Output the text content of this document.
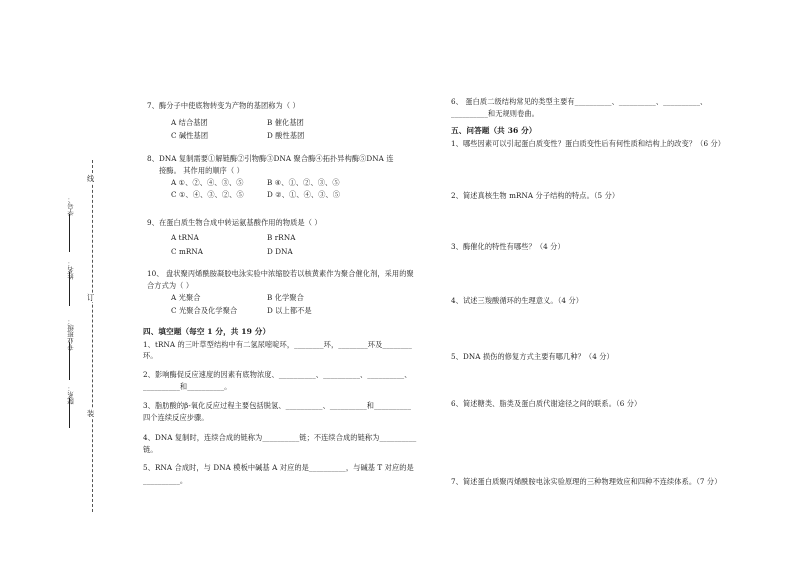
线
订
装
学号：
姓名：
专业班级：
院系：
7、酶分子中使底物转变为产物的基团称为（ ）
A 结合基团	B 催化基团
C 碱性基团	D 酸性基团
8、DNA 复制需要①解链酶②引物酶③DNA 聚合酶④拓扑异构酶⑤DNA 连
接酶。 其作用的顺序（ ）
A ①、②、④、③、⑤	B ④、①、②、③、⑤
C ①、④、③、②、⑤	D ②、①、④、③、⑤
9、在蛋白质生物合成中转运氨基酸作用的物质是（ ）
A tRNA	B rRNA
C mRNA	D DNA
10、 盘状聚丙烯酰胺凝胶电泳实验中浓缩胶若以核黄素作为聚合催化剂，采用的聚
合方式为（ ）
A 光聚合	B 化学聚合
C 光聚合及化学聚合	D 以上都不是
四、填空题（每空 1 分，共 19 分）
1、tRNA 的三叶草型结构中有二氢尿嘧啶环，________环，________环及________
环。
2、影响酶促反应速度的因素有底物浓度、__________、__________、__________、
__________和__________。
3、脂肪酸的β-氧化反应过程主要包括脱氢、__________、__________和__________
四个连续反应步骤。
4、DNA 复制时，连续合成的链称为__________链；不连续合成的链称为__________
链。
5、RNA 合成时，与 DNA 模板中碱基 A 对应的是__________，与碱基 T 对应的是
__________。
6、 蛋白质二级结构常见的类型主要有__________、__________、__________、
__________和无规则卷曲。
五、问答题（共 36 分）
1、哪些因素可以引起蛋白质变性？蛋白质变性后有何性质和结构上的改变？（6 分）
2、简述真核生物 mRNA 分子结构的特点。（5 分）
3、酶催化的特性有哪些？（4 分）
4、试述三羧酸循环的生理意义。（4 分）
5、DNA 损伤的修复方式主要有哪几种？（4 分）
6、简述糖类、脂类及蛋白质代谢途径之间的联系。（6 分）
7、简述蛋白质聚丙烯酰胺电泳实验原理的三种物理效应和四种不连续体系。（7 分）
